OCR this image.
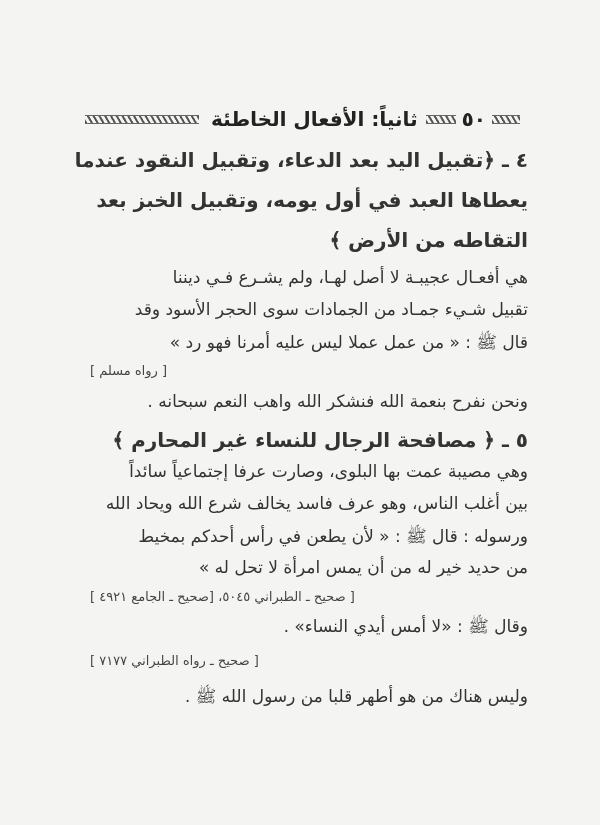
٥٠
ثانياً: الأفعال الخاطئة
٤ ـ ﴿تقبيل اليد بعد الدعاء، وتقبيل النقود عندما
يعطاها العبد في أول يومه، وتقبيل الخبز بعد
التقاطه من الأرض ﴾
هي أفعـال عجيبـة لا أصل لهـا، ولم يشـرع فـي ديننا
تقبيل شـيء جمـاد من الجمادات سوى الحجر الأسود وقد
قال ﷺ : « من عمل عملا ليس عليه أمرنا فهو رد »
[ رواه مسلم ]
ونحن نفرح بنعمة الله فنشكر الله واهب النعم سبحانه .
٥ ـ ﴿ مصافحة الرجال للنساء غير المحارم ﴾
وهي مصيبة عمت بها البلوى، وصارت عرفا إجتماعياً سائداً
بين أغلب الناس، وهو عرف فاسد يخالف شرع الله ويحاد الله
ورسوله : قال ﷺ : « لأن يطعن في رأس أحدكم بمخيط
من حديد خير له من أن يمس امرأة لا تحل له »
[ صحيح ـ الطبراني ٥٠٤٥، [صحيح ـ الجامع ٤٩٢١ ]
وقال ﷺ : «لا أمس أيدي النساء» .
[ صحيح ـ رواه الطبراني ٧١٧٧ ]
وليس هناك من هو أطهر قلبا من رسول الله ﷺ .
